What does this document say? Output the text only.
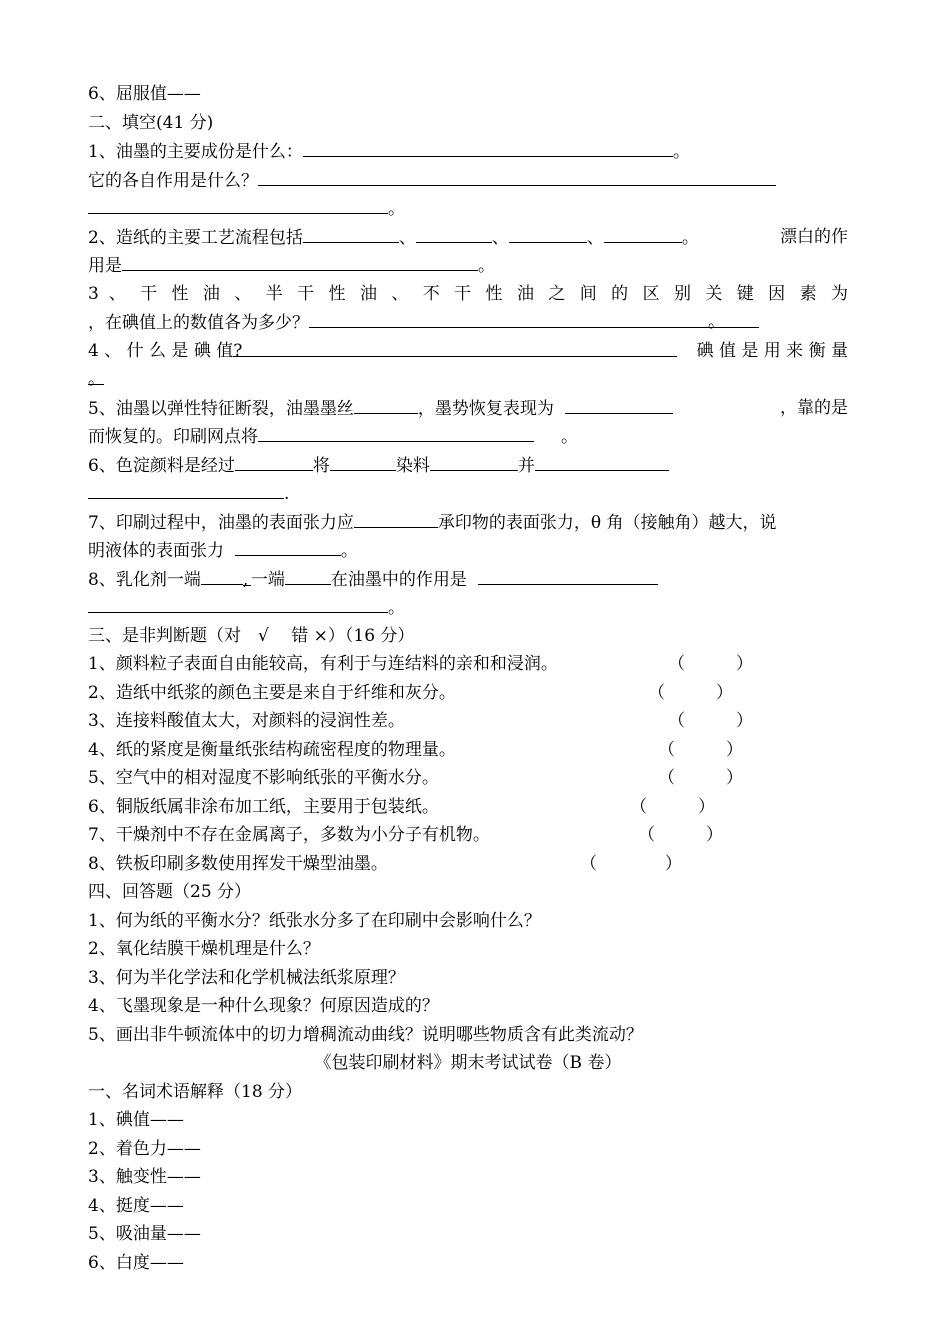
6、屈服值——
二、填空(41 分)
1、油墨的主要成份是什么：	。
它的各自作用是什么？
。
2、造纸的主要工艺流程包括	、	、	、	。	漂白的作
用是	。
3 、 干 性 油 、 半 干 性 油 、 不 干 性 油 之 间 的 区 别 关 键 因 素 为
，在碘值上的数值各为多少？	。
4 、 什 么 是 碘 值?	碘 值 是 用 来 衡 量
。
5、油墨以弹性特征断裂，油墨墨丝	，墨势恢复表现为	，靠的是
而恢复的。印刷网点将	。
6、色淀颜料是经过	将	染料	并
.
7、印刷过程中，油墨的表面张力应	承印物的表面张力，θ 角（接触角）越大，说
明液体的表面张力	。
8、乳化剂一端 , 一端	在油墨中的作用是
。
三、是非判断题（对　√　 错 ×）（16 分）
1、颜料粒子表面自由能较高，有利于与连结料的亲和和浸润。	（　　　）
2、造纸中纸浆的颜色主要是来自于纤维和灰分。	（　　　）
3、连接料酸值太大，对颜料的浸润性差。	（　　　）
4、纸的紧度是衡量纸张结构疏密程度的物理量。	（　　　）
5、空气中的相对湿度不影响纸张的平衡水分。	（　　　）
6、铜版纸属非涂布加工纸，主要用于包装纸。	（　　　）
7、干燥剂中不存在金属离子，多数为小分子有机物。	（　　　）
8、铁板印刷多数使用挥发干燥型油墨。	（　　　　）
四、回答题（25 分）
1、何为纸的平衡水分？纸张水分多了在印刷中会影响什么？
2、氧化结膜干燥机理是什么？
3、何为半化学法和化学机械法纸浆原理？
4、飞墨现象是一种什么现象？何原因造成的？
5、画出非牛顿流体中的切力增稠流动曲线？说明哪些物质含有此类流动？
《包装印刷材料》期末考试试卷（B 卷）
一、名词术语解释（18 分）
1、碘值——
2、着色力——
3、触变性——
4、挺度——
5、吸油量——
6、白度——
